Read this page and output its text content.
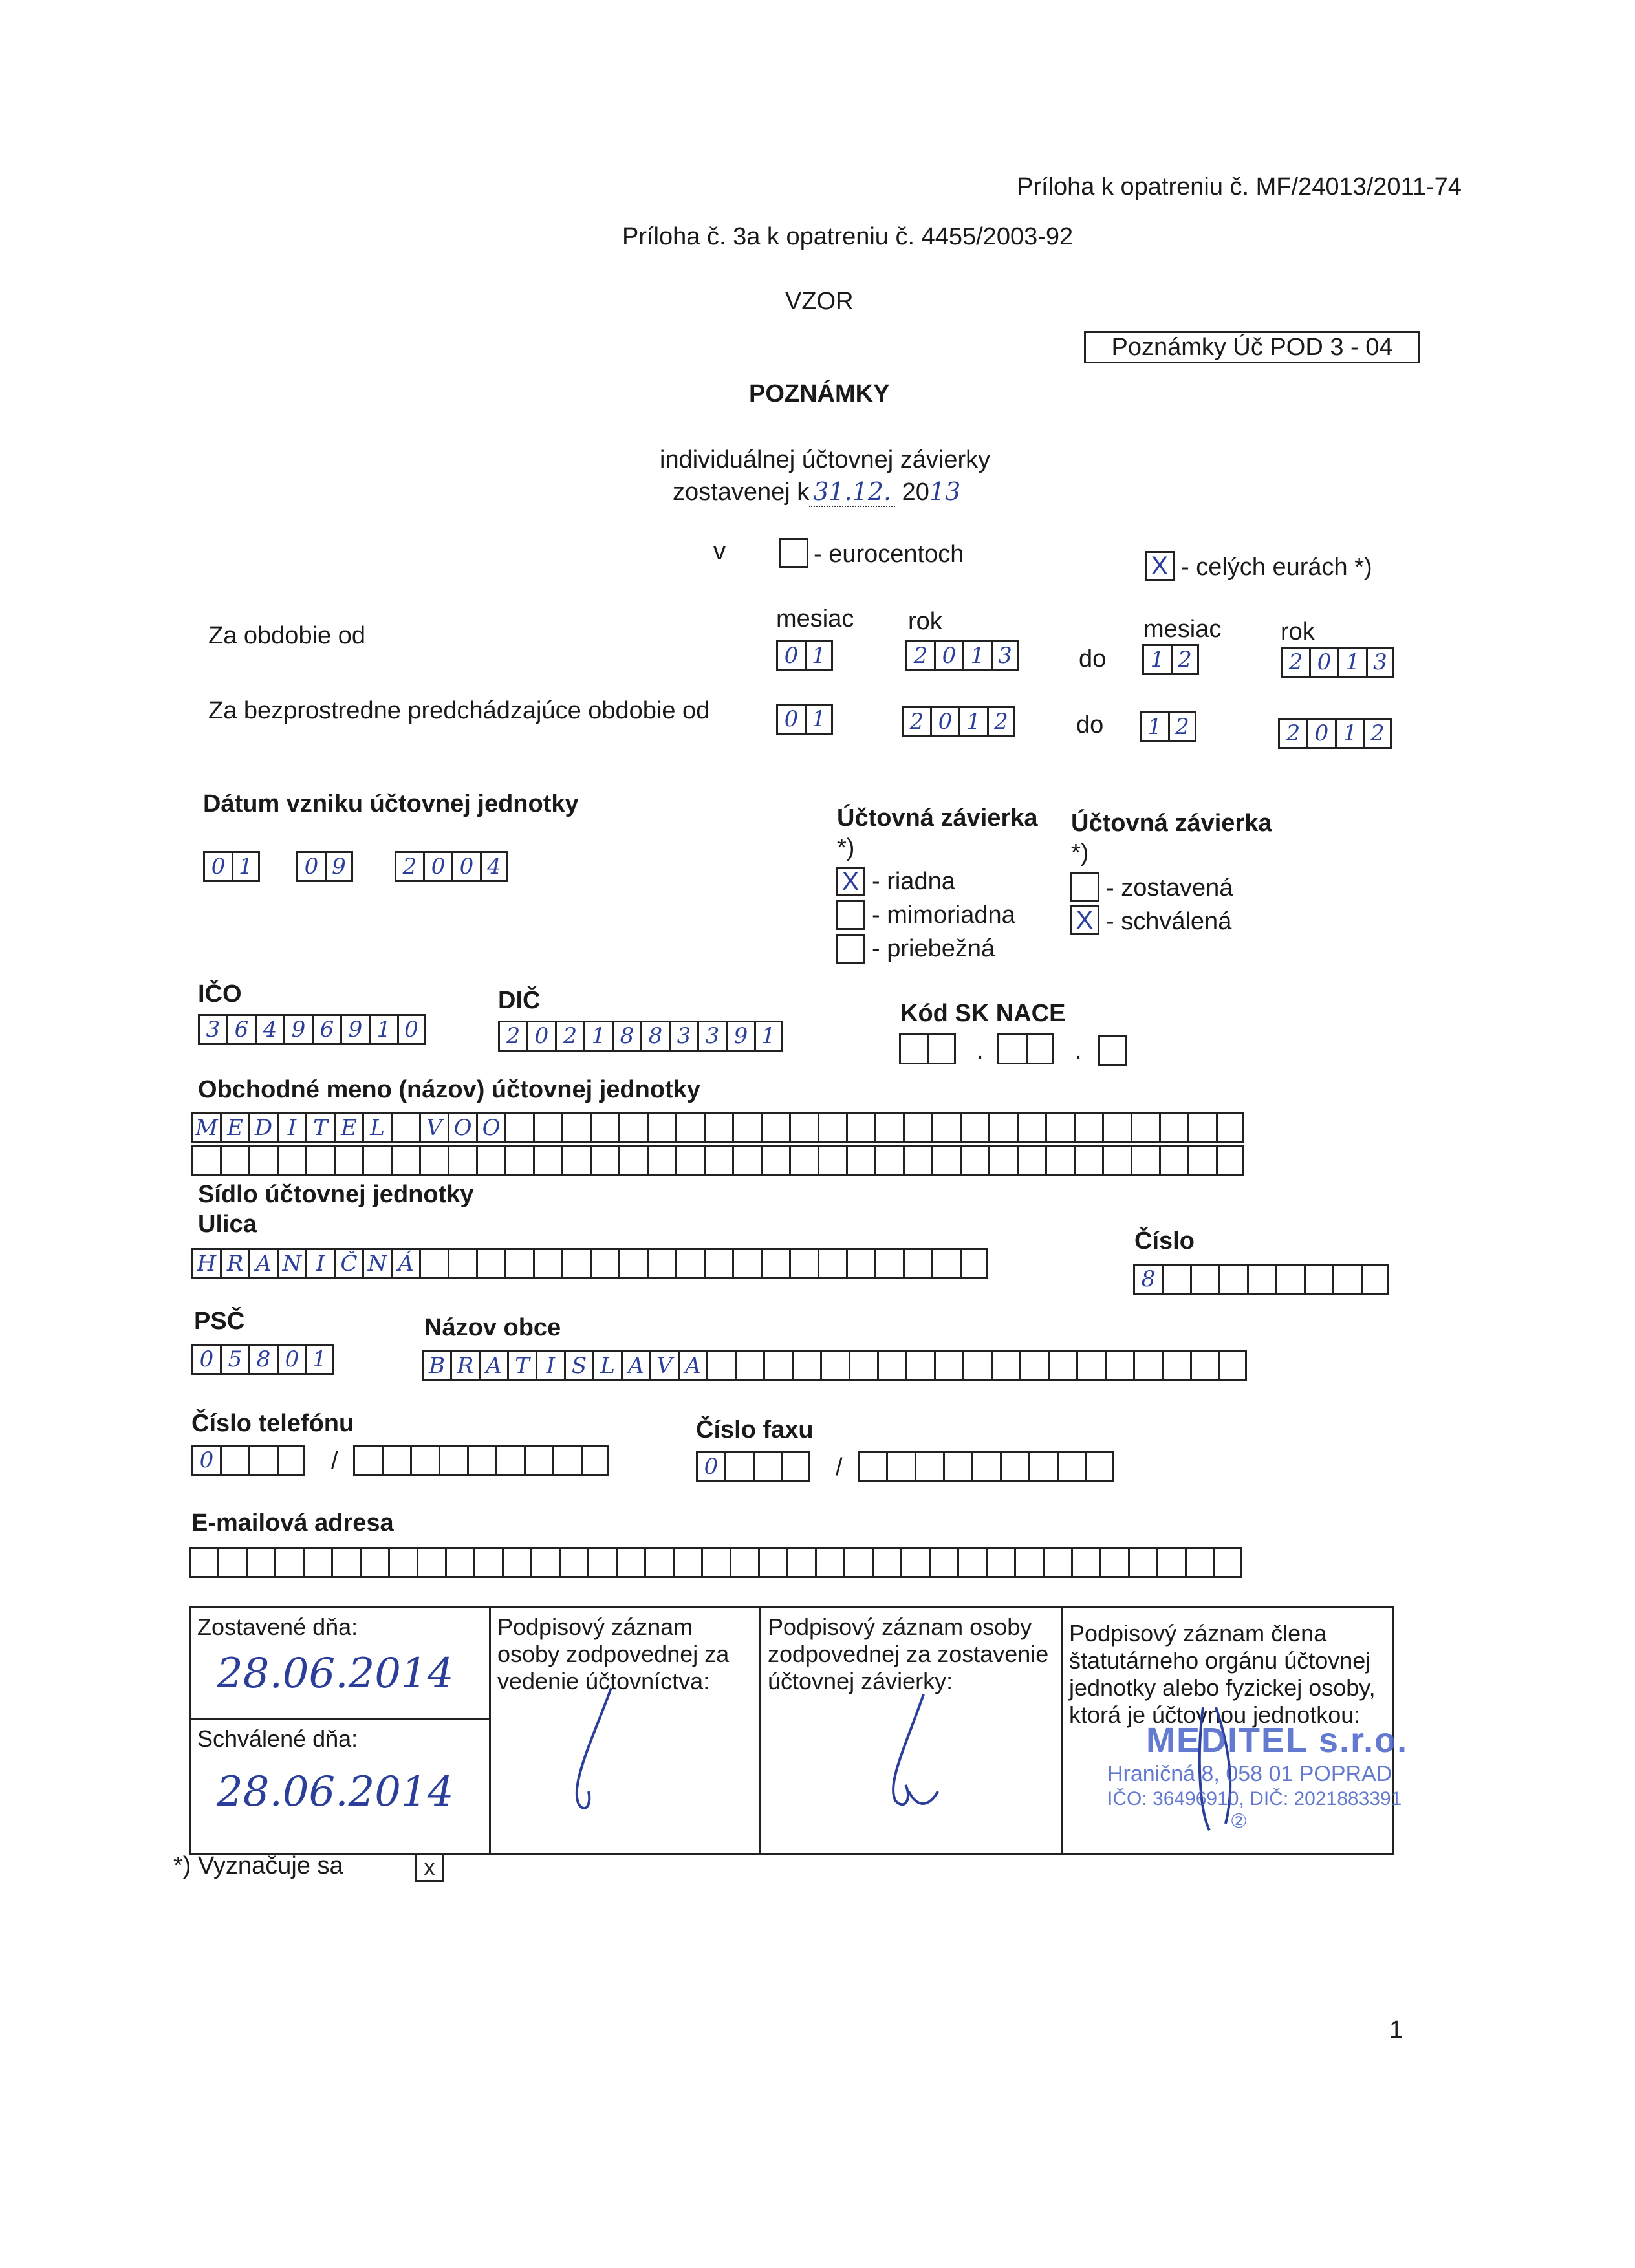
Príloha k opatreniu č. MF/24013/2011-74
Príloha č. 3a k opatreniu č. 4455/2003-92
VZOR
Poznámky Úč POD 3 - 04
POZNÁMKY
individuálnej účtovnej závierky
zostavenej k 31.12. 2013
v	- eurocentoch	X - celých eurách *)
mesiac rok	mesiac rok
Za obdobie od
0 1	2 0 1 3	do	1 2	2 0 1 3
Za bezprostredne predchádzajúce obdobie od	0 1	2 0 1 2	do	1 2	2 0 1 2
Dátum vzniku účtovnej jednotky
0 1	0 9	2 0 0 4
Účtovná závierka
*)
X - riadna
- mimoriadna
- priebežná
Účtovná závierka
*)
- zostavená
X - schválená
IČO
3 6 4 9 6 9 1 0
DIČ
2 0 2 1 8 8 3 3 9 1
Kód SK NACE
.	.
Obchodné meno (názov) účtovnej jednotky
M E D I T E L	V O O
Sídlo účtovnej jednotky
Ulica
H R A N I Č N Á
Číslo
8
PSČ
0 5 8 0 1
Názov obce
B R A T I S L A V A
Číslo telefónu
0	/
Číslo faxu
0	/
E-mailová adresa
Zostavené dňa:
28.06.2014
Schválené dňa:
28.06.2014
Podpisový záznam osoby zodpovednej za vedenie účtovníctva:
Podpisový záznam osoby zodpovednej za zostavenie účtovnej závierky:
Podpisový záznam člena štatutárneho orgánu účtovnej jednotky alebo fyzickej osoby, ktorá je účtovnou jednotkou:
MEDITEL s.r.o.
Hraničná 8, 058 01 POPRAD
IČO: 36496910, DIČ: 2021883391
②
*) Vyznačuje sa	x
1
